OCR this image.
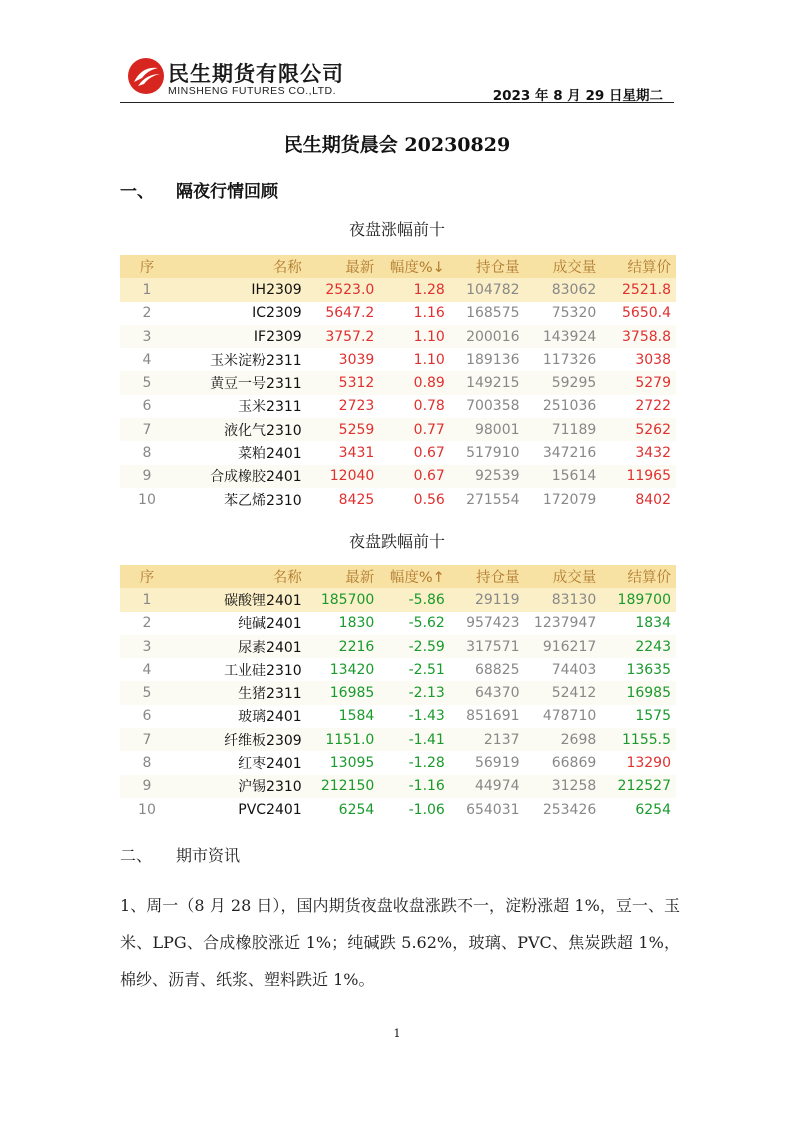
民生期货有限公司
MINSHENG FUTURES CO.,LTD.	2023 年 8 月 29 日星期二
民生期货晨会 20230829
一、 隔夜行情回顾
夜盘涨幅前十
序	名称	最新	幅度%↓	持仓量	成交量	结算价
1	IH2309	2523.0	1.28	104782	83062	2521.8
2	IC2309	5647.2	1.16	168575	75320	5650.4
3	IF2309	3757.2	1.10	200016	143924	3758.8
4	玉米淀粉2311	3039	1.10	189136	117326	3038
5	黄豆一号2311	5312	0.89	149215	59295	5279
6	玉米2311	2723	0.78	700358	251036	2722
7	液化气2310	5259	0.77	98001	71189	5262
8	菜粕2401	3431	0.67	517910	347216	3432
9	合成橡胶2401	12040	0.67	92539	15614	11965
10	苯乙烯2310	8425	0.56	271554	172079	8402
夜盘跌幅前十
序	名称	最新	幅度%↑	持仓量	成交量	结算价
1	碳酸锂2401	185700	-5.86	29119	83130	189700
2	纯碱2401	1830	-5.62	957423	1237947	1834
3	尿素2401	2216	-2.59	317571	916217	2243
4	工业硅2310	13420	-2.51	68825	74403	13635
5	生猪2311	16985	-2.13	64370	52412	16985
6	玻璃2401	1584	-1.43	851691	478710	1575
7	纤维板2309	1151.0	-1.41	2137	2698	1155.5
8	红枣2401	13095	-1.28	56919	66869	13290
9	沪锡2310	212150	-1.16	44974	31258	212527
10	PVC2401	6254	-1.06	654031	253426	6254
二、 期市资讯
1、周一（8 月 28 日），国内期货夜盘收盘涨跌不一，淀粉涨超 1%，豆一、玉米、LPG、合成橡胶涨近 1%；纯碱跌 5.62%，玻璃、PVC、焦炭跌超 1%，棉纱、沥青、纸浆、塑料跌近 1%。
1
